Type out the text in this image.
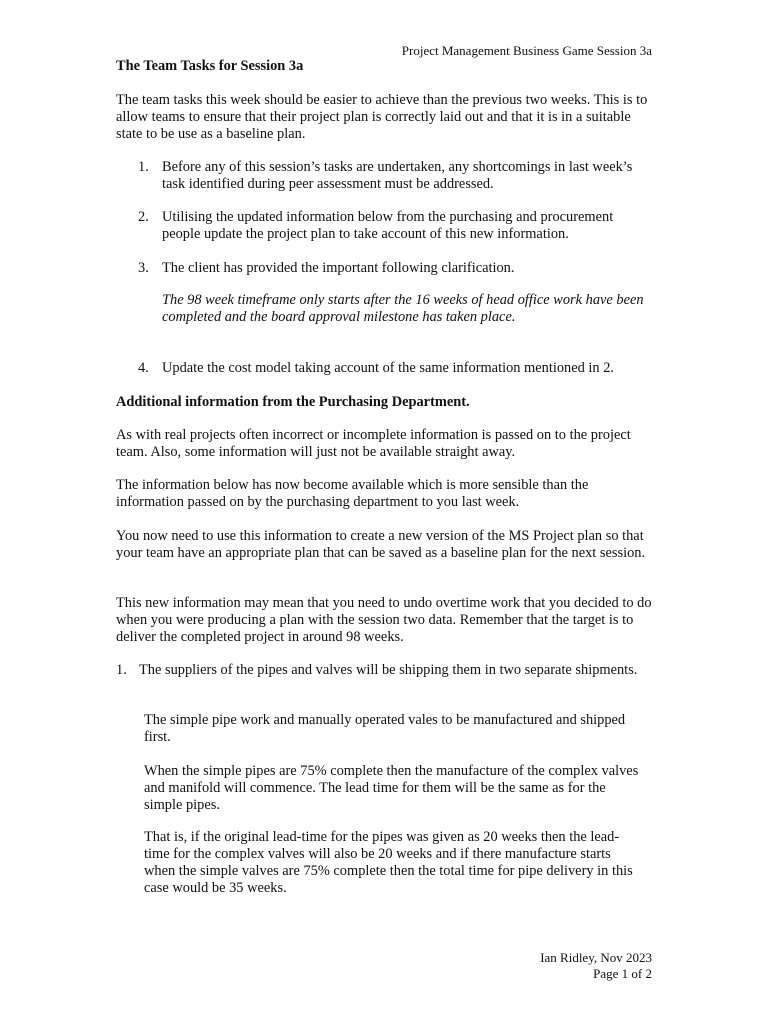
Project Management Business Game Session 3a
The Team Tasks for Session 3a

The team tasks this week should be easier to achieve than the previous two weeks. This is to allow teams to ensure that their project plan is correctly laid out and that it is in a suitable state to be use as a baseline plan.

1. Before any of this session’s tasks are undertaken, any shortcomings in last week’s task identified during peer assessment must be addressed.
2. Utilising the updated information below from the purchasing and procurement people update the project plan to take account of this new information.
3. The client has provided the important following clarification.
The 98 week timeframe only starts after the 16 weeks of head office work have been completed and the board approval milestone has taken place.
4. Update the cost model taking account of the same information mentioned in 2.
Additional information from the Purchasing Department.

As with real projects often incorrect or incomplete information is passed on to the project team. Also, some information will just not be available straight away.

The information below has now become available which is more sensible than the information passed on by the purchasing department to you last week.

You now need to use this information to create a new version of the MS Project plan so that your team have an appropriate plan that can be saved as a baseline plan for the next session.

This new information may mean that you need to undo overtime work that you decided to do when you were producing a plan with the session two data. Remember that the target is to deliver the completed project in around 98 weeks.

1. The suppliers of the pipes and valves will be shipping them in two separate shipments.

The simple pipe work and manually operated vales to be manufactured and shipped first.

When the simple pipes are 75% complete then the manufacture of the complex valves and manifold will commence. The lead time for them will be the same as for the simple pipes.

That is, if the original lead-time for the pipes was given as 20 weeks then the lead-time for the complex valves will also be 20 weeks and if there manufacture starts when the simple valves are 75% complete then the total time for pipe delivery in this case would be 35 weeks.

Ian Ridley, Nov 2023
Page 1 of 2
